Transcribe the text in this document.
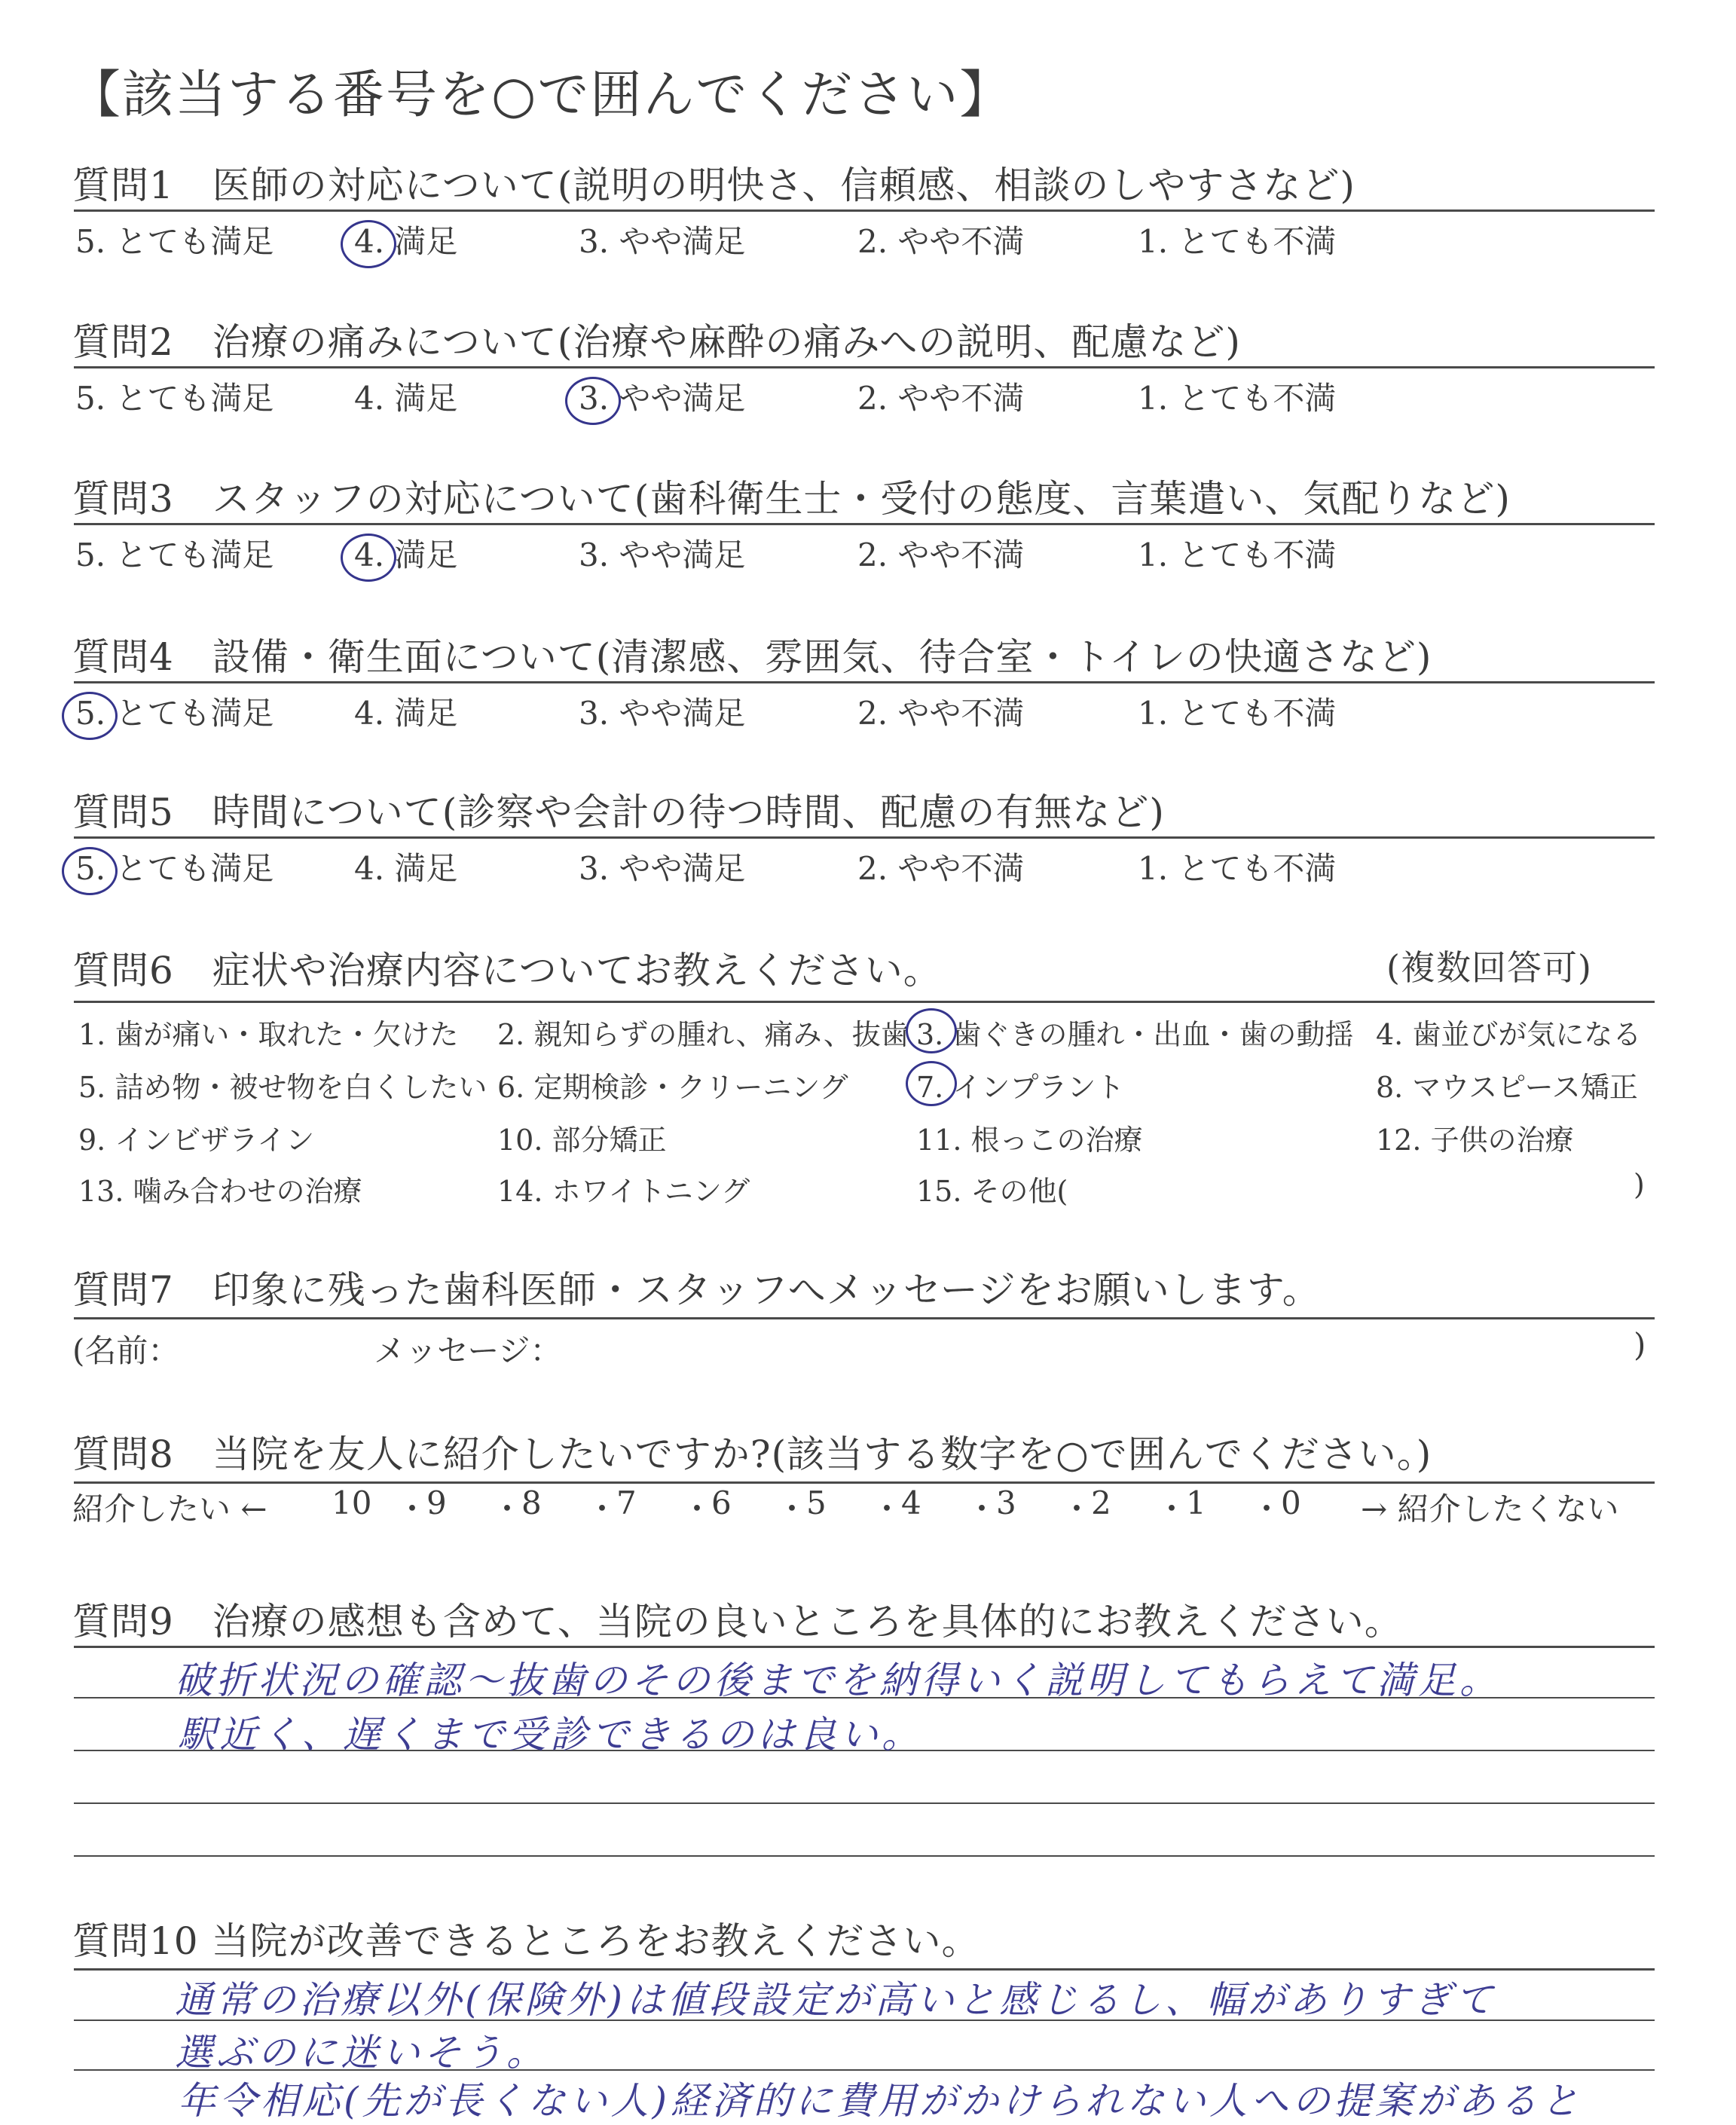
【該当する番号を○で囲んでください】
質問1　医師の対応について(説明の明快さ、信頼感、相談のしやすさなど)
5. とても満足	4. 満足	3. やや満足	2. やや不満	1. とても不満
質問2　治療の痛みについて(治療や麻酔の痛みへの説明、配慮など)
5. とても満足	4. 満足	3. やや満足	2. やや不満	1. とても不満
質問3　スタッフの対応について(歯科衛生士・受付の態度、言葉遣い、気配りなど)
5. とても満足	4. 満足	3. やや満足	2. やや不満	1. とても不満
質問4　設備・衛生面について(清潔感、雰囲気、待合室・トイレの快適さなど)
5. とても満足	4. 満足	3. やや満足	2. やや不満	1. とても不満
質問5　時間について(診察や会計の待つ時間、配慮の有無など)
5. とても満足	4. 満足	3. やや満足	2. やや不満	1. とても不満
質問6　症状や治療内容についてお教えください。	(複数回答可)
1. 歯が痛い・取れた・欠けた 2. 親知らずの腫れ、痛み、抜歯 3. 歯ぐきの腫れ・出血・歯の動揺 4. 歯並びが気になる
5. 詰め物・被せ物を白くしたい 6. 定期検診・クリーニング 7. インプラント	8. マウスピース矯正
9. インビザライン	10. 部分矯正	11. 根っこの治療	12. 子供の治療
13. 噛み合わせの治療	14. ホワイトニング	15. その他(	)
質問7　印象に残った歯科医師・スタッフへメッセージをお願いします。
(名前：	メッセージ：	)
質問8　当院を友人に紹介したいですか?(該当する数字を○で囲んでください。)
紹介したい ← 10 ・
9 ・
8 ・
7 ・
6 ・
5 ・
4 ・
3 ・
2 ・
1 ・
0 → 紹介したくない
質問9　治療の感想も含めて、当院の良いところを具体的にお教えください。
破折状況の確認〜抜歯のその後までを納得いく説明してもらえて満足。
駅近く、遅くまで受診できるのは良い。
質問10 当院が改善できるところをお教えください。
通常の治療以外(保険外)は値段設定が高いと感じるし、幅がありすぎて
選ぶのに迷いそう。
年令相応(先が長くない人)経済的に費用がかけられない人への提案があると
